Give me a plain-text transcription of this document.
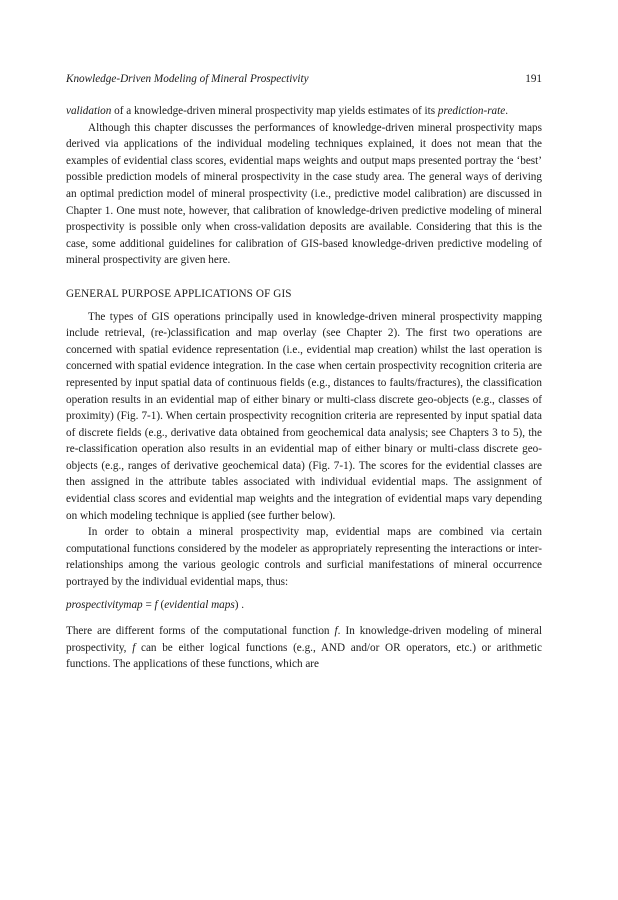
Knowledge-Driven Modeling of Mineral Prospectivity	191

validation of a knowledge-driven mineral prospectivity map yields estimates of its prediction-rate.

Although this chapter discusses the performances of knowledge-driven mineral prospectivity maps derived via applications of the individual modeling techniques explained, it does not mean that the examples of evidential class scores, evidential maps weights and output maps presented portray the ‘best’ possible prediction models of mineral prospectivity in the case study area. The general ways of deriving an optimal prediction model of mineral prospectivity (i.e., predictive model calibration) are discussed in Chapter 1. One must note, however, that calibration of knowledge-driven predictive modeling of mineral prospectivity is possible only when cross-validation deposits are available. Considering that this is the case, some additional guidelines for calibration of GIS-based knowledge-driven predictive modeling of mineral prospectivity are given here.

GENERAL PURPOSE APPLICATIONS OF GIS

The types of GIS operations principally used in knowledge-driven mineral prospectivity mapping include retrieval, (re-)classification and map overlay (see Chapter 2). The first two operations are concerned with spatial evidence representation (i.e., evidential map creation) whilst the last operation is concerned with spatial evidence integration. In the case when certain prospectivity recognition criteria are represented by input spatial data of continuous fields (e.g., distances to faults/fractures), the classification operation results in an evidential map of either binary or multi-class discrete geo-objects (e.g., classes of proximity) (Fig. 7-1). When certain prospectivity recognition criteria are represented by input spatial data of discrete fields (e.g., derivative data obtained from geochemical data analysis; see Chapters 3 to 5), the re-classification operation also results in an evidential map of either binary or multi-class discrete geo-objects (e.g., ranges of derivative geochemical data) (Fig. 7-1). The scores for the evidential classes are then assigned in the attribute tables associated with individual evidential maps. The assignment of evidential class scores and evidential map weights and the integration of evidential maps vary depending on which modeling technique is applied (see further below).

In order to obtain a mineral prospectivity map, evidential maps are combined via certain computational functions considered by the modeler as appropriately representing the interactions or inter-relationships among the various geologic controls and surficial manifestations of mineral occurrence portrayed by the individual evidential maps, thus:

prospectivitymap = f (evidential maps) .

There are different forms of the computational function f. In knowledge-driven modeling of mineral prospectivity, f can be either logical functions (e.g., AND and/or OR operators, etc.) or arithmetic functions. The applications of these functions, which are
